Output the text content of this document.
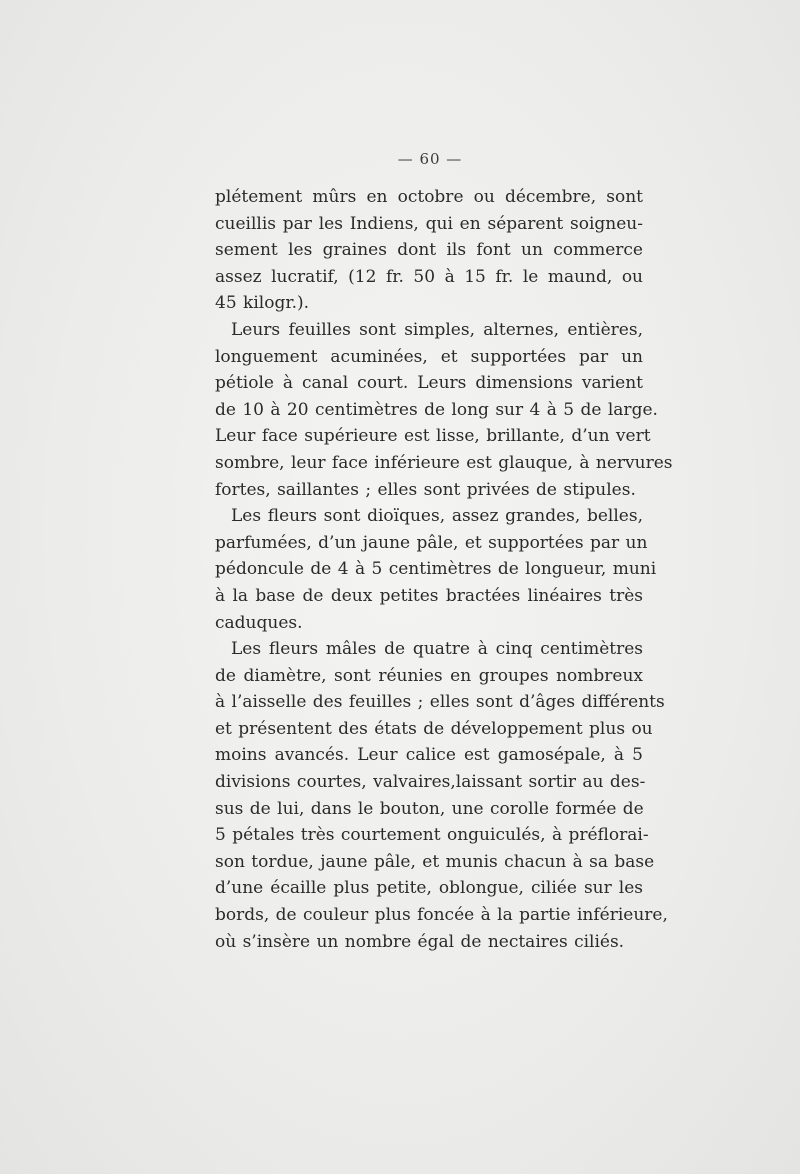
— 60 —
plétement mûrs en octobre ou décembre, sont
cueillis par les Indiens, qui en séparent soigneu-
sement les graines dont ils font un commerce
assez lucratif, (12 fr. 50 à 15 fr. le maund, ou
45 kilogr.).
Leurs feuilles sont simples, alternes, entières,
longuement acuminées, et supportées par un
pétiole à canal court. Leurs dimensions varient
de 10 à 20 centimètres de long sur 4 à 5 de large.
Leur face supérieure est lisse, brillante, d’un vert
sombre, leur face inférieure est glauque, à nervures
fortes, saillantes ; elles sont privées de stipules.
Les fleurs sont dioïques, assez grandes, belles,
parfumées, d’un jaune pâle, et supportées par un
pédoncule de 4 à 5 centimètres de longueur, muni
à la base de deux petites bractées linéaires très
caduques.
Les fleurs mâles de quatre à cinq centimètres
de diamètre, sont réunies en groupes nombreux
à l’aisselle des feuilles ; elles sont d’âges différents
et présentent des états de développement plus ou
moins avancés. Leur calice est gamosépale, à 5
divisions courtes, valvaires,laissant sortir au des-
sus de lui, dans le bouton, une corolle formée de
5 pétales très courtement onguiculés, à préflorai-
son tordue, jaune pâle, et munis chacun à sa base
d’une écaille plus petite, oblongue, ciliée sur les
bords, de couleur plus foncée à la partie inférieure,
où s’insère un nombre égal de nectaires ciliés.
